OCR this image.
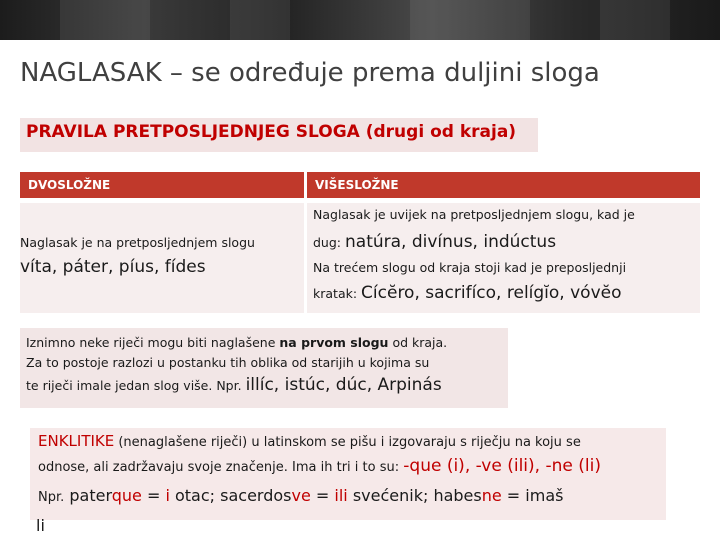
NAGLASAK – se određuje prema duljini sloga
PRAVILA PRETPOSLJEDNJEG SLOGA (drugi od kraja)
DVOSLOŽNE	VIŠESLOŽNE
Naglasak je na pretposljednjem slogu
víta, páter, píus, fídes
Naglasak je uvijek na pretposljednjem slogu, kad je
dug: natúra, divínus, indúctus
Na trećem slogu od kraja stoji kad je preposljednji
kratak: Cícĕro, sacrifíco, relígĭo, vóvĕo
Iznimno neke riječi mogu biti naglašene na prvom slogu od kraja.
Za to postoje razlozi u postanku tih oblika od starijih u kojima su
te riječi imale jedan slog više. Npr. illíc, istúc, dúc, Arpinás
ENKLITIKE (nenaglašene riječi) u latinskom se pišu i izgovaraju s riječju na koju se
odnose, ali zadržavaju svoje značenje. Ima ih tri i to su: -que (i), -ve (ili), -ne (li)
Npr. paterque = i otac; sacerdosve = ili svećenik; habesne = imaš
li
